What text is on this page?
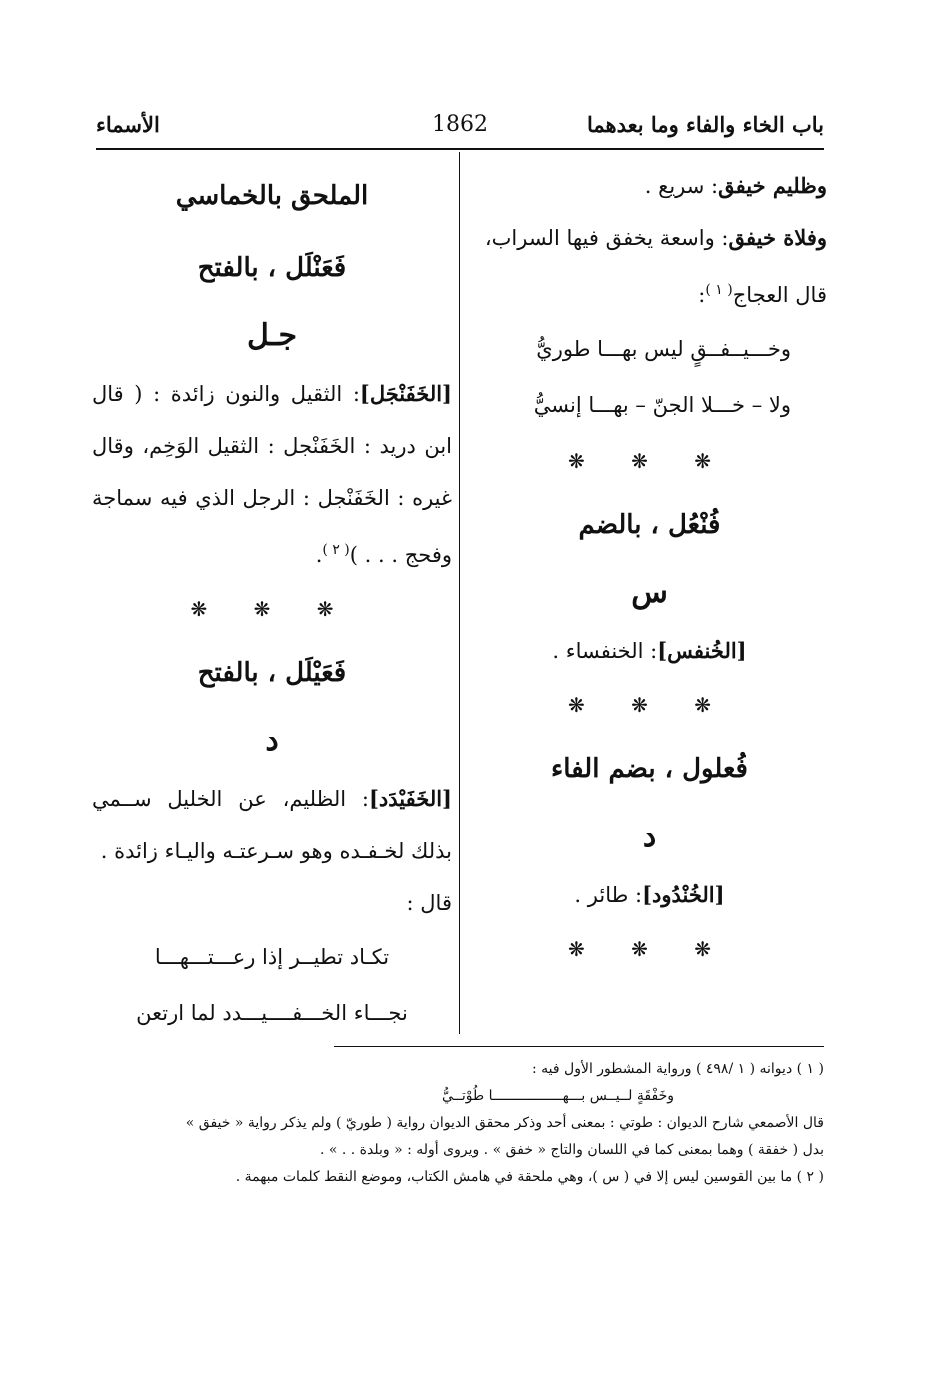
باب الخاء والفاء وما بعدهما
1862
الأسماء
وظليم خيفق: سريع .
وفلاة خيفق: واسعة يخفق فيها السراب،
قال العجاج$^{( ١ )}$:
وخـــيــفــقٍ ليس بهـــا طوريُّ
ولا – خـــلا الجنّ – بهـــا إنسيُّ
❋ ❋ ❋
فُنْعُل ، بالضم
س
[الخُنفس]: الخنفساء .
❋ ❋ ❋
فُعلول ، بضم الفاء
د
[الخُنْدُود]: طائر .
❋ ❋ ❋
الملحق بالخماسي
فَعَنْلَل ، بالفتح
جـل
[الخَفَنْجَل]: الثقيل والنون زائدة : ( قال
ابن دريد : الخَفَنْجل : الثقيل الوَخِم، وقال
غيره : الخَفَنْجل : الرجل الذي فيه سماجة
وفحج . . . )$^{( ٢ )}$.
❋ ❋ ❋
فَعَيْلَل ، بالفتح
د
[الخَفَيْدَد]: الظليم، عن الخليل ســمي
بذلك لخـفـده وهو سـرعتـه واليـاء زائدة .
قال :
تكـاد تطيــر إذا رعـــتـــهـــا
نجـــاء الخـــفــــيـــدد لما ارتعن
( ١ ) ديوانه ( ١ /٤٩٨ ) ورواية المشطور الأول فيه :
وخَفْقَةٍ لــيــس بـــهـــــــــــــــــا طُوْتــيُّ
قال الأصمعي شارح الديوان : طوتي : بمعنى أحد وذكر محقق الديوان رواية ( طوريّ ) ولم يذكر رواية « خيفق »
بدل ( خفقة ) وهما بمعنى كما في اللسان والتاج « خفق » . ويروى أوله : « وبلدة . . » .
( ٢ ) ما بين القوسين ليس إلا في ( س )، وهي ملحقة في هامش الكتاب، وموضع النقط كلمات مبهمة .
